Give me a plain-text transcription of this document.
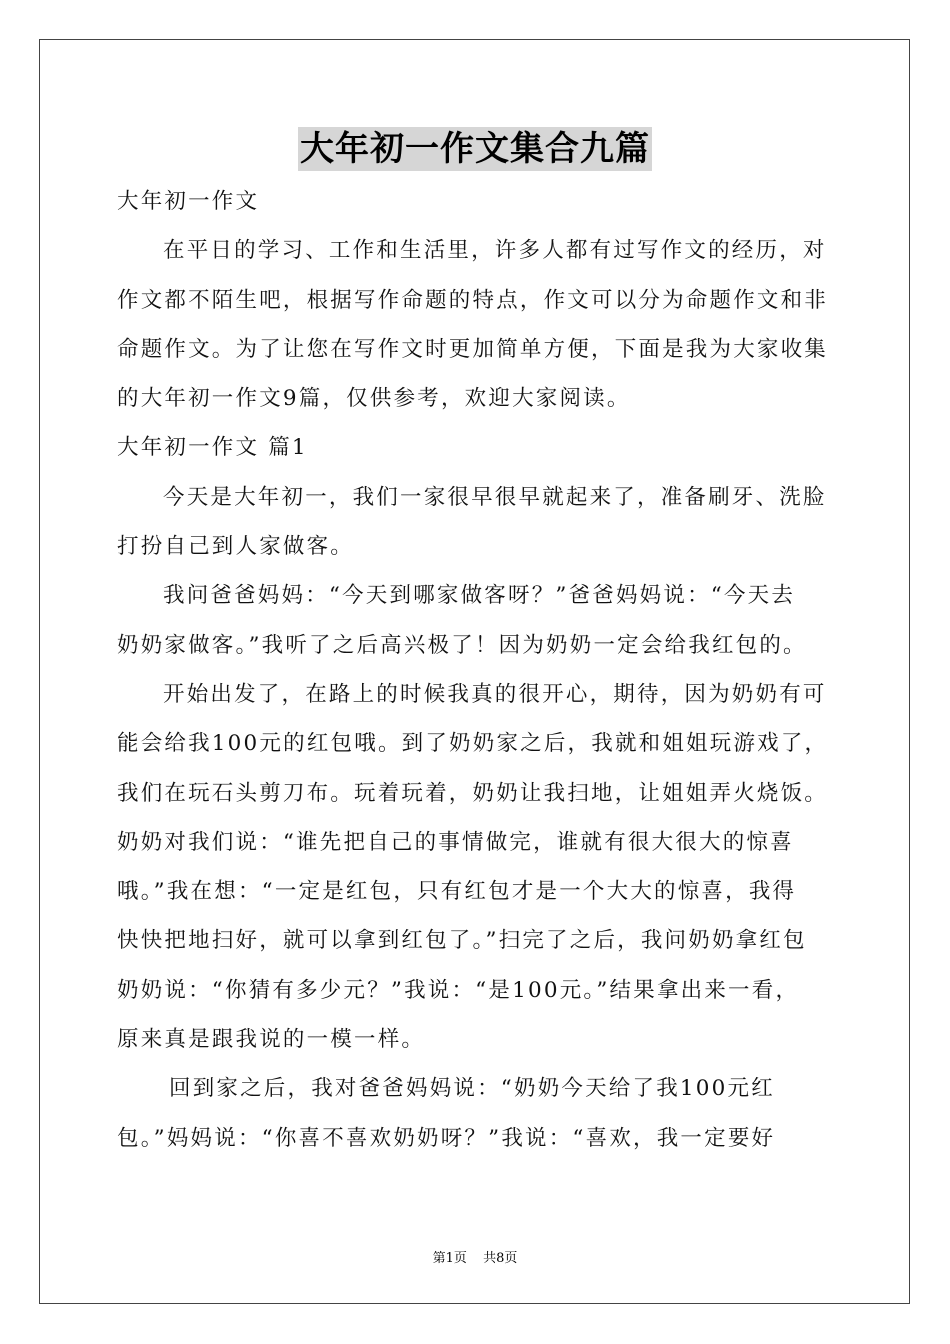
大年初一作文集合九篇
大年初一作文
在平日的学习、工作和生活里，许多人都有过写作文的经历，对
作文都不陌生吧，根据写作命题的特点，作文可以分为命题作文和非
命题作文。为了让您在写作文时更加简单方便，下面是我为大家收集
的大年初一作文9篇，仅供参考，欢迎大家阅读。
大年初一作文 篇1
今天是大年初一，我们一家很早很早就起来了，准备刷牙、洗脸
打扮自己到人家做客。
我问爸爸妈妈：“今天到哪家做客呀？”爸爸妈妈说：“今天去
奶奶家做客。”我听了之后高兴极了！因为奶奶一定会给我红包的。
开始出发了，在路上的时候我真的很开心，期待，因为奶奶有可
能会给我100元的红包哦。到了奶奶家之后，我就和姐姐玩游戏了，
我们在玩石头剪刀布。玩着玩着，奶奶让我扫地，让姐姐弄火烧饭。
奶奶对我们说：“谁先把自己的事情做完，谁就有很大很大的惊喜
哦。”我在想：“一定是红包，只有红包才是一个大大的惊喜，我得
快快把地扫好，就可以拿到红包了。”扫完了之后，我问奶奶拿红包
奶奶说：“你猜有多少元？”我说：“是100元。”结果拿出来一看，
原来真是跟我说的一模一样。
回到家之后，我对爸爸妈妈说：“奶奶今天给了我100元红
包。”妈妈说：“你喜不喜欢奶奶呀？”我说：“喜欢，我一定要好
第1页 共8页
